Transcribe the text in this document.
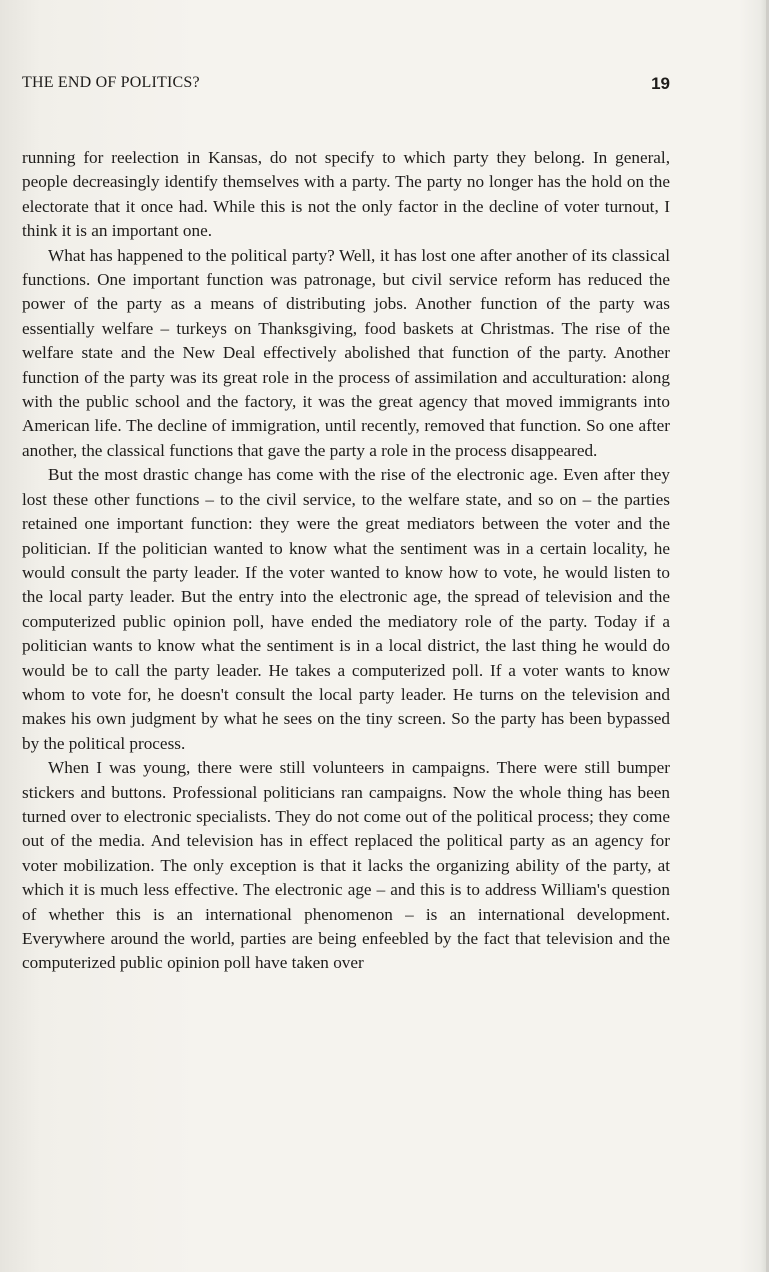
THE END OF POLITICS?	19

running for reelection in Kansas, do not specify to which party they belong. In general, people decreasingly identify themselves with a party. The party no longer has the hold on the electorate that it once had. While this is not the only factor in the decline of voter turnout, I think it is an important one.

What has happened to the political party? Well, it has lost one after another of its classical functions. One important function was patronage, but civil service reform has reduced the power of the party as a means of distributing jobs. Another function of the party was essentially welfare – turkeys on Thanksgiving, food baskets at Christmas. The rise of the welfare state and the New Deal effectively abolished that function of the party. Another function of the party was its great role in the process of assimilation and acculturation: along with the public school and the factory, it was the great agency that moved immigrants into American life. The decline of immigration, until recently, removed that function. So one after another, the classical functions that gave the party a role in the process disappeared.

But the most drastic change has come with the rise of the electronic age. Even after they lost these other functions – to the civil service, to the welfare state, and so on – the parties retained one important function: they were the great mediators between the voter and the politician. If the politician wanted to know what the sentiment was in a certain locality, he would consult the party leader. If the voter wanted to know how to vote, he would listen to the local party leader. But the entry into the electronic age, the spread of television and the computerized public opinion poll, have ended the mediatory role of the party. Today if a politician wants to know what the sentiment is in a local district, the last thing he would do would be to call the party leader. He takes a computerized poll. If a voter wants to know whom to vote for, he doesn't consult the local party leader. He turns on the television and makes his own judgment by what he sees on the tiny screen. So the party has been bypassed by the political process.

When I was young, there were still volunteers in campaigns. There were still bumper stickers and buttons. Professional politicians ran campaigns. Now the whole thing has been turned over to electronic specialists. They do not come out of the political process; they come out of the media. And television has in effect replaced the political party as an agency for voter mobilization. The only exception is that it lacks the organizing ability of the party, at which it is much less effective. The electronic age – and this is to address William's question of whether this is an international phenomenon – is an international development. Everywhere around the world, parties are being enfeebled by the fact that television and the computerized public opinion poll have taken over
